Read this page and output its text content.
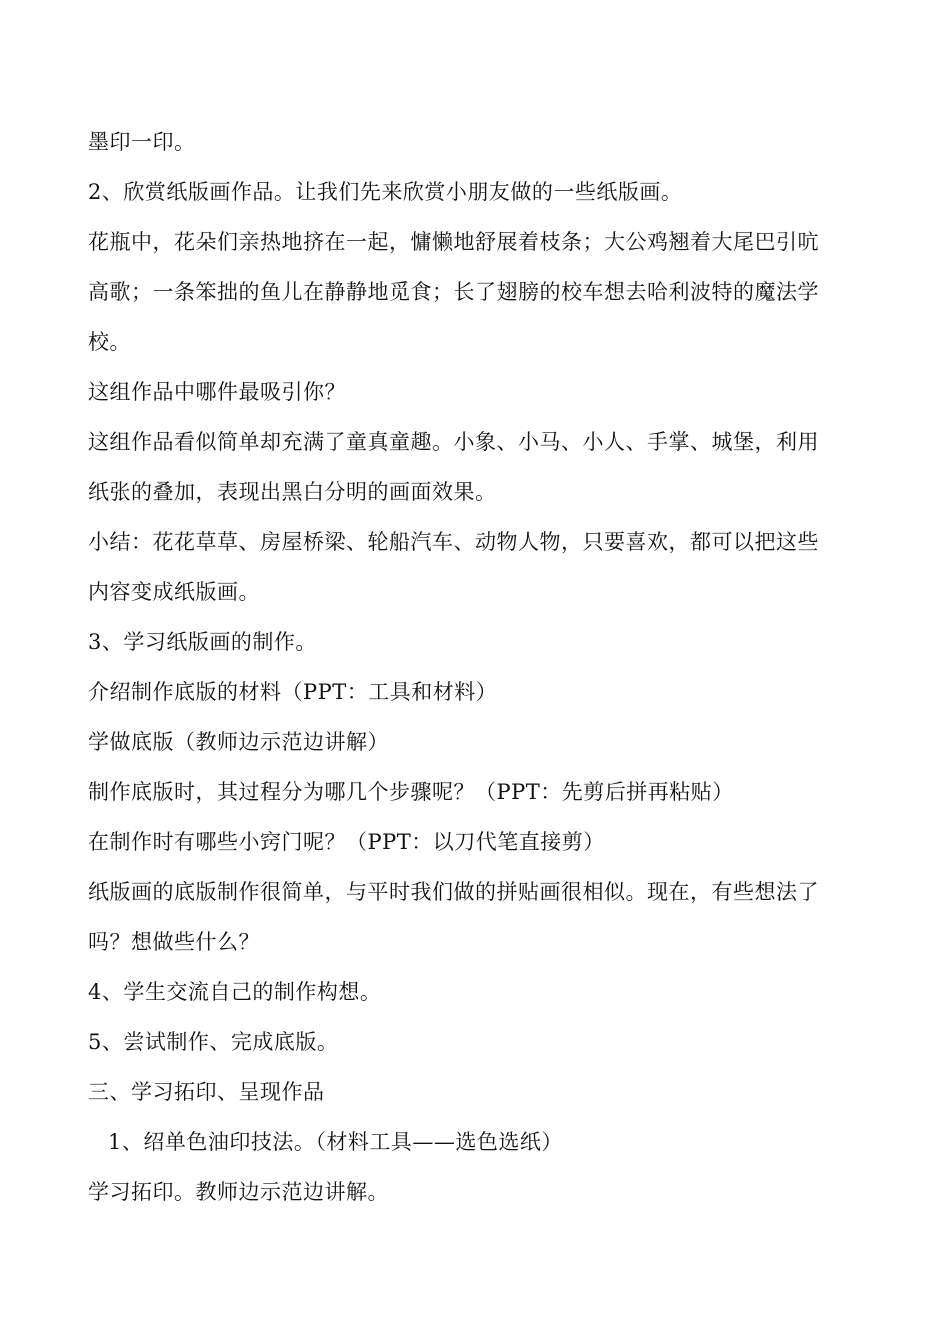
墨印一印。
2、欣赏纸版画作品。让我们先来欣赏小朋友做的一些纸版画。
花瓶中，花朵们亲热地挤在一起，慵懒地舒展着枝条；大公鸡翘着大尾巴引吭
高歌；一条笨拙的鱼儿在静静地觅食；长了翅膀的校车想去哈利波特的魔法学
校。
这组作品中哪件最吸引你？
这组作品看似简单却充满了童真童趣。小象、小马、小人、手掌、城堡，利用
纸张的叠加，表现出黑白分明的画面效果。
小结：花花草草、房屋桥梁、轮船汽车、动物人物，只要喜欢，都可以把这些
内容变成纸版画。
3、学习纸版画的制作。
介绍制作底版的材料（PPT：工具和材料）
学做底版（教师边示范边讲解）
制作底版时，其过程分为哪几个步骤呢？（PPT：先剪后拼再粘贴）
在制作时有哪些小窍门呢？（PPT：以刀代笔直接剪）
纸版画的底版制作很简单，与平时我们做的拼贴画很相似。现在，有些想法了
吗？想做些什么？
4、学生交流自己的制作构想。
5、尝试制作、完成底版。
三、学习拓印、呈现作品
1、绍单色油印技法。（材料工具——选色选纸）
学习拓印。教师边示范边讲解。
